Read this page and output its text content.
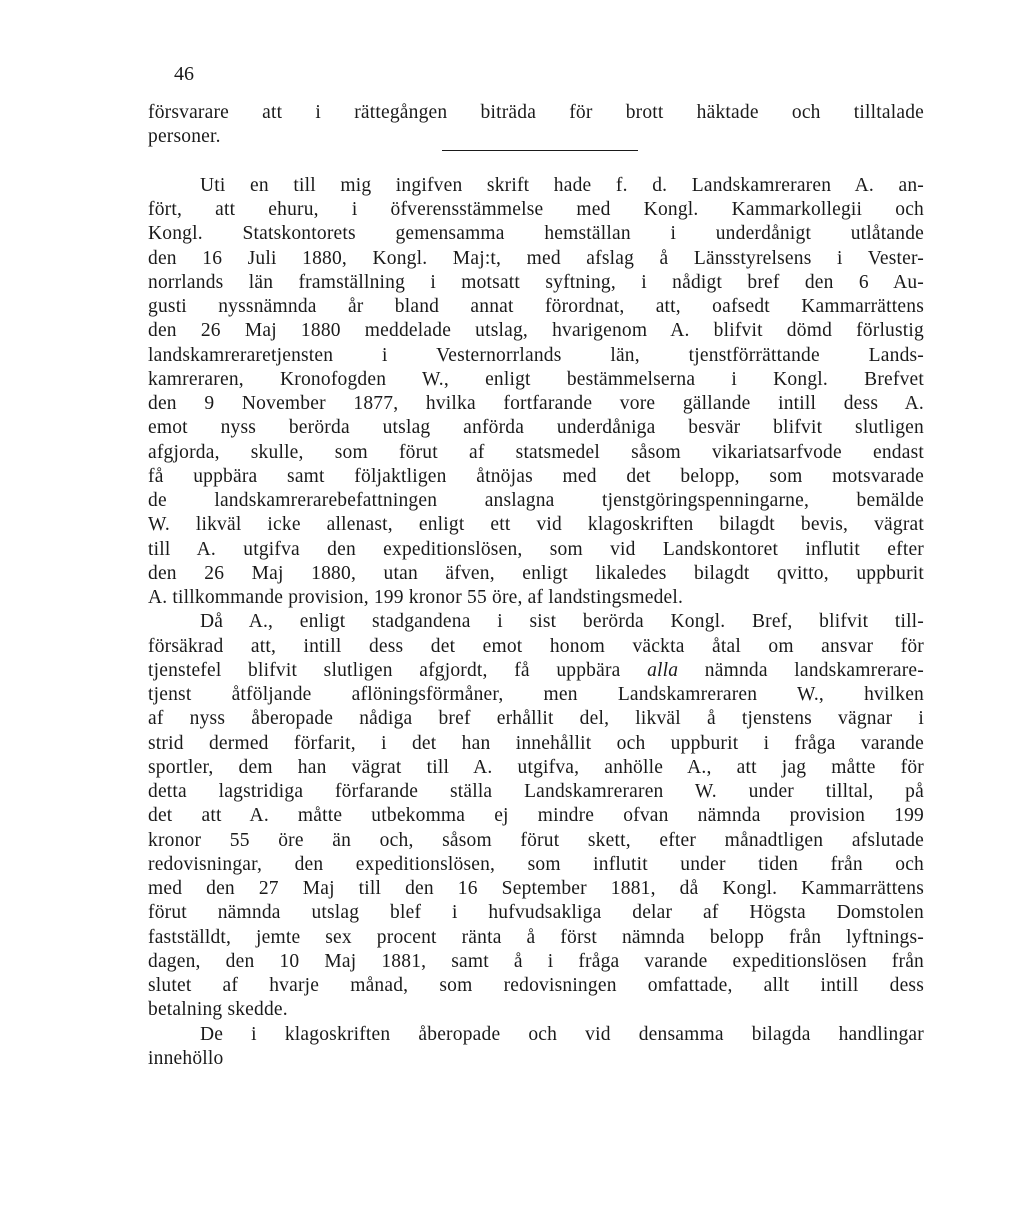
46
försvarare att i rättegången biträda för brott häktade och tilltalade
personer.

Uti en till mig ingifven skrift hade f. d. Landskamreraren A. an-
fört, att ehuru, i öfverensstämmelse med Kongl. Kammarkollegii och
Kongl. Statskontorets gemensamma hemställan i underdånigt utlåtande
den 16 Juli 1880, Kongl. Maj:t, med afslag å Länsstyrelsens i Vester-
norrlands län framställning i motsatt syftning, i nådigt bref den 6 Au-
gusti nyssnämnda år bland annat förordnat, att, oafsedt Kammarrättens
den 26 Maj 1880 meddelade utslag, hvarigenom A. blifvit dömd förlustig
landskamreraretjensten i Vesternorrlands län, tjenstförrättande Lands-
kamreraren, Kronofogden W., enligt bestämmelserna i Kongl. Brefvet
den 9 November 1877, hvilka fortfarande vore gällande intill dess A.
emot nyss berörda utslag anförda underdåniga besvär blifvit slutligen
afgjorda, skulle, som förut af statsmedel såsom vikariatsarfvode endast
få uppbära samt följaktligen åtnöjas med det belopp, som motsvarade
de landskamrerarebefattningen anslagna tjenstgöringspenningarne, bemälde
W. likväl icke allenast, enligt ett vid klagoskriften bilagdt bevis, vägrat
till A. utgifva den expeditionslösen, som vid Landskontoret influtit efter
den 26 Maj 1880, utan äfven, enligt likaledes bilagdt qvitto, uppburit
A. tillkommande provision, 199 kronor 55 öre, af landstingsmedel.
Då A., enligt stadgandena i sist berörda Kongl. Bref, blifvit till-
försäkrad att, intill dess det emot honom väckta åtal om ansvar för
tjenstefel blifvit slutligen afgjordt, få uppbära alla nämnda landskamrerare-
tjenst åtföljande aflöningsförmåner, men Landskamreraren W., hvilken
af nyss åberopade nådiga bref erhållit del, likväl å tjenstens vägnar i
strid dermed förfarit, i det han innehållit och uppburit i fråga varande
sportler, dem han vägrat till A. utgifva, anhölle A., att jag måtte för
detta lagstridiga förfarande ställa Landskamreraren W. under tilltal, på
det att A. måtte utbekomma ej mindre ofvan nämnda provision 199
kronor 55 öre än och, såsom förut skett, efter månadtligen afslutade
redovisningar, den expeditionslösen, som influtit under tiden från och
med den 27 Maj till den 16 September 1881, då Kongl. Kammarrättens
förut nämnda utslag blef i hufvudsakliga delar af Högsta Domstolen
fastställdt, jemte sex procent ränta å först nämnda belopp från lyftnings-
dagen, den 10 Maj 1881, samt å i fråga varande expeditionslösen från
slutet af hvarje månad, som redovisningen omfattade, allt intill dess
betalning skedde.
De i klagoskriften åberopade och vid densamma bilagda handlingar
innehöllo
